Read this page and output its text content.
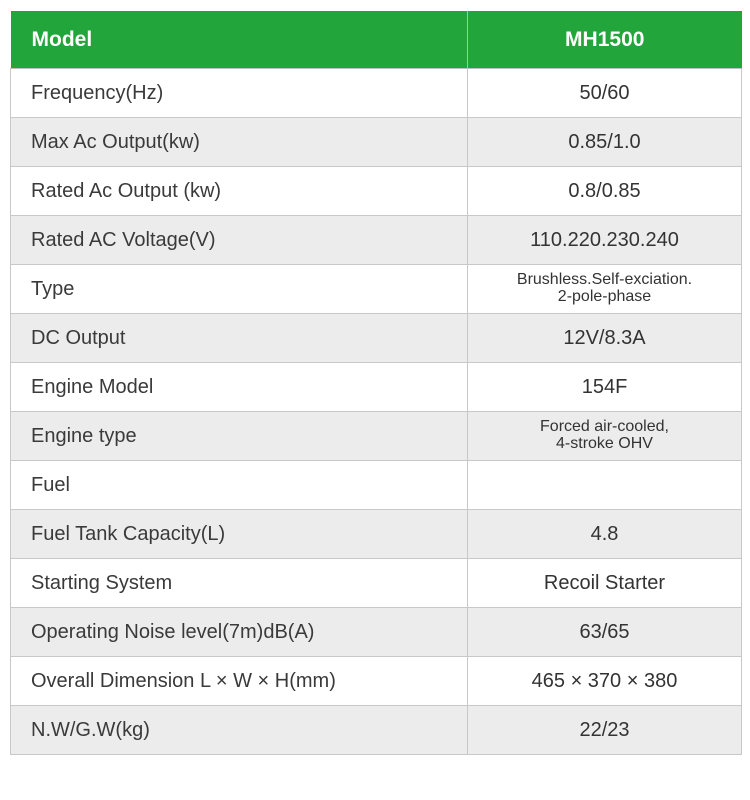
Model	MH1500
Frequency(Hz)	50/60

Max Ac Output(kw)	0.85/1.0

Rated Ac Output (kw)	0.8/0.85

Rated AC Voltage(V)	110.220.230.240

Type	Brushless.Self-exciation.
2-pole-phase

DC Output	12V/8.3A

Engine Model	154F

Engine type	Forced air-cooled,
4-stroke OHV

Fuel	

Fuel Tank Capacity(L)	4.8

Starting System	Recoil Starter

Operating Noise level(7m)dB(A)	63/65

Overall Dimension L × W × H(mm)	465 × 370 × 380

N.W/G.W(kg)	22/23
